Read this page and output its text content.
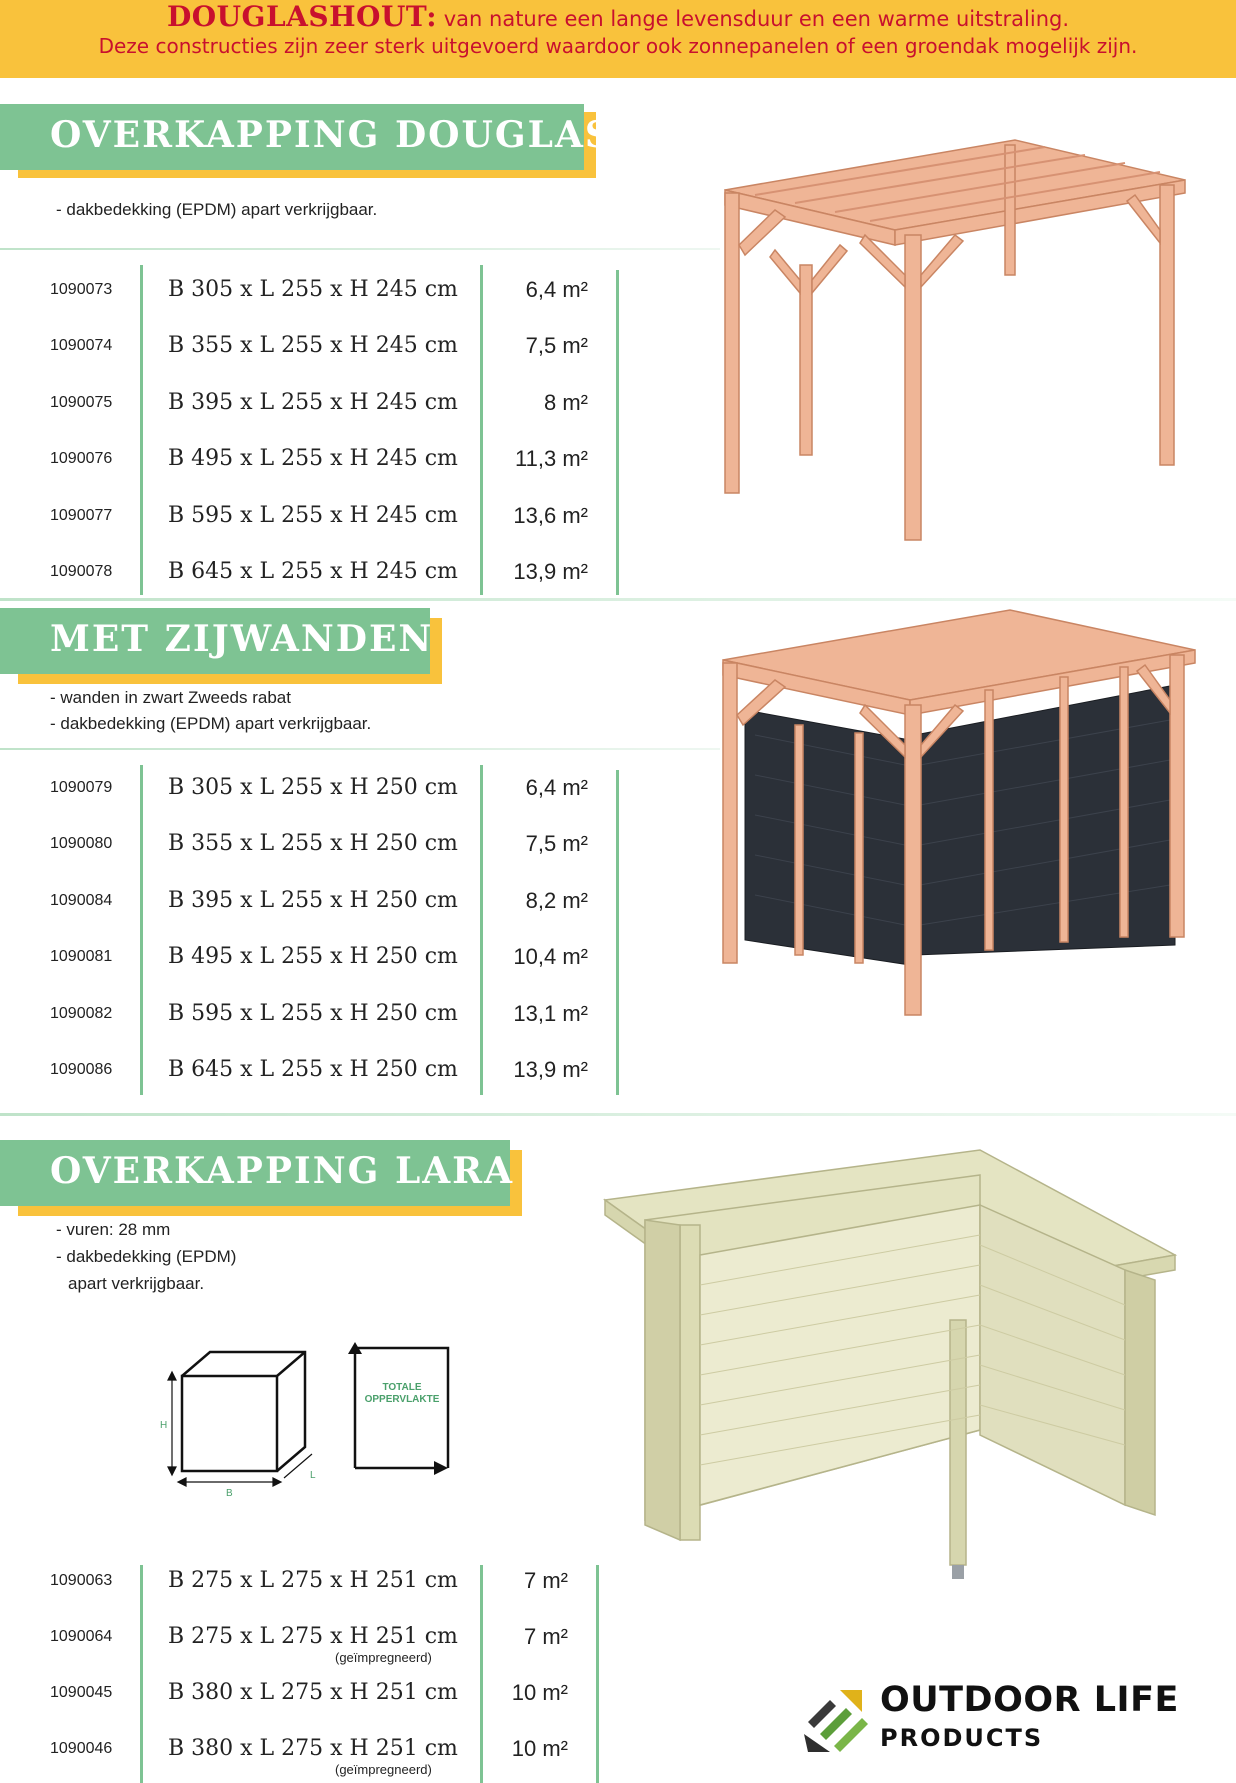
DOUGLASHOUT: van nature een lange levensduur en een warme uitstraling.
Deze constructies zijn zeer sterk uitgevoerd waardoor ook zonnepanelen of een groendak mogelijk zijn.
OVERKAPPING DOUGLAS
- dakbedekking (EPDM) apart verkrijgbaar.
1090073	B 305 x L 255 x H 245 cm	6,4 m²
1090074	B 355 x L 255 x H 245 cm	7,5 m²
1090075	B 395 x L 255 x H 245 cm	8 m²
1090076	B 495 x L 255 x H 245 cm	11,3 m²
1090077	B 595 x L 255 x H 245 cm	13,6 m²
1090078	B 645 x L 255 x H 245 cm	13,9 m²
MET ZIJWANDEN
- wanden in zwart Zweeds rabat
- dakbedekking (EPDM) apart verkrijgbaar.
1090079	B 305 x L 255 x H 250 cm	6,4 m²
1090080	B 355 x L 255 x H 250 cm	7,5 m²
1090084	B 395 x L 255 x H 250 cm	8,2 m²
1090081	B 495 x L 255 x H 250 cm	10,4 m²
1090082	B 595 x L 255 x H 250 cm	13,1 m²
1090086	B 645 x L 255 x H 250 cm	13,9 m²
OVERKAPPING LARA
- vuren: 28 mm
- dakbedekking (EPDM)
apart verkrijgbaar.
H
B
L
TOTALE
OPPERVLAKTE
1090063	B 275 x L 275 x H 251 cm	7 m²
1090064	B 275 x L 275 x H 251 cm	7 m²
(geïmpregneerd)
1090045	B 380 x L 275 x H 251 cm 10 m²
1090046	B 380 x L 275 x H 251 cm 10 m²
(geïmpregneerd)
OUTDOOR LIFE
PRODUCTS
